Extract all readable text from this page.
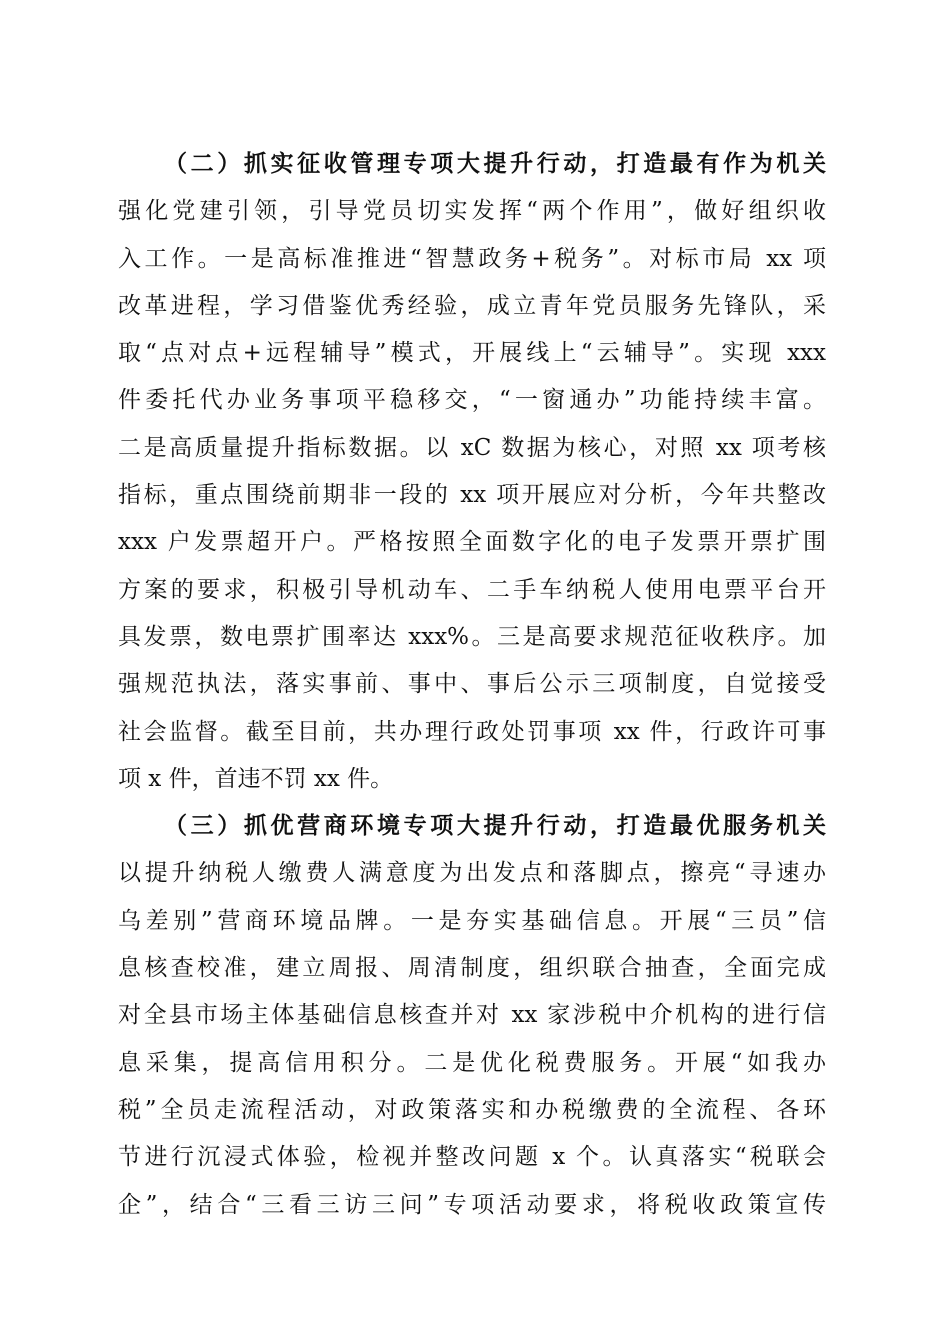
（二）抓实征收管理专项大提升行动，打造最有作为机关
强化党建引领，引导党员切实发挥“两个作用”，做好组织收
入工作。一是高标准推进“智慧政务+税务”。对标市局 xx 项
改革进程，学习借鉴优秀经验，成立青年党员服务先锋队，采
取“点对点+远程辅导”模式，开展线上“云辅导”。实现 xxx
件委托代办业务事项平稳移交，“一窗通办”功能持续丰富。
二是高质量提升指标数据。以 xC 数据为核心，对照 xx 项考核
指标，重点围绕前期非一段的 xx 项开展应对分析，今年共整改
xxx 户发票超开户。严格按照全面数字化的电子发票开票扩围
方案的要求，积极引导机动车、二手车纳税人使用电票平台开
具发票，数电票扩围率达 xxx%。三是高要求规范征收秩序。加
强规范执法，落实事前、事中、事后公示三项制度，自觉接受
社会监督。截至目前，共办理行政处罚事项 xx 件，行政许可事
项 x 件，首违不罚 xx 件。
（三）抓优营商环境专项大提升行动，打造最优服务机关
以提升纳税人缴费人满意度为出发点和落脚点，擦亮“寻速办
乌差别”营商环境品牌。一是夯实基础信息。开展“三员”信
息核查校准，建立周报、周清制度，组织联合抽查，全面完成
对全县市场主体基础信息核查并对 xx 家涉税中介机构的进行信
息采集，提高信用积分。二是优化税费服务。开展“如我办
税”全员走流程活动，对政策落实和办税缴费的全流程、各环
节进行沉浸式体验，检视并整改问题 x 个。认真落实“税联会
企”，结合“三看三访三问”专项活动要求，将税收政策宣传
